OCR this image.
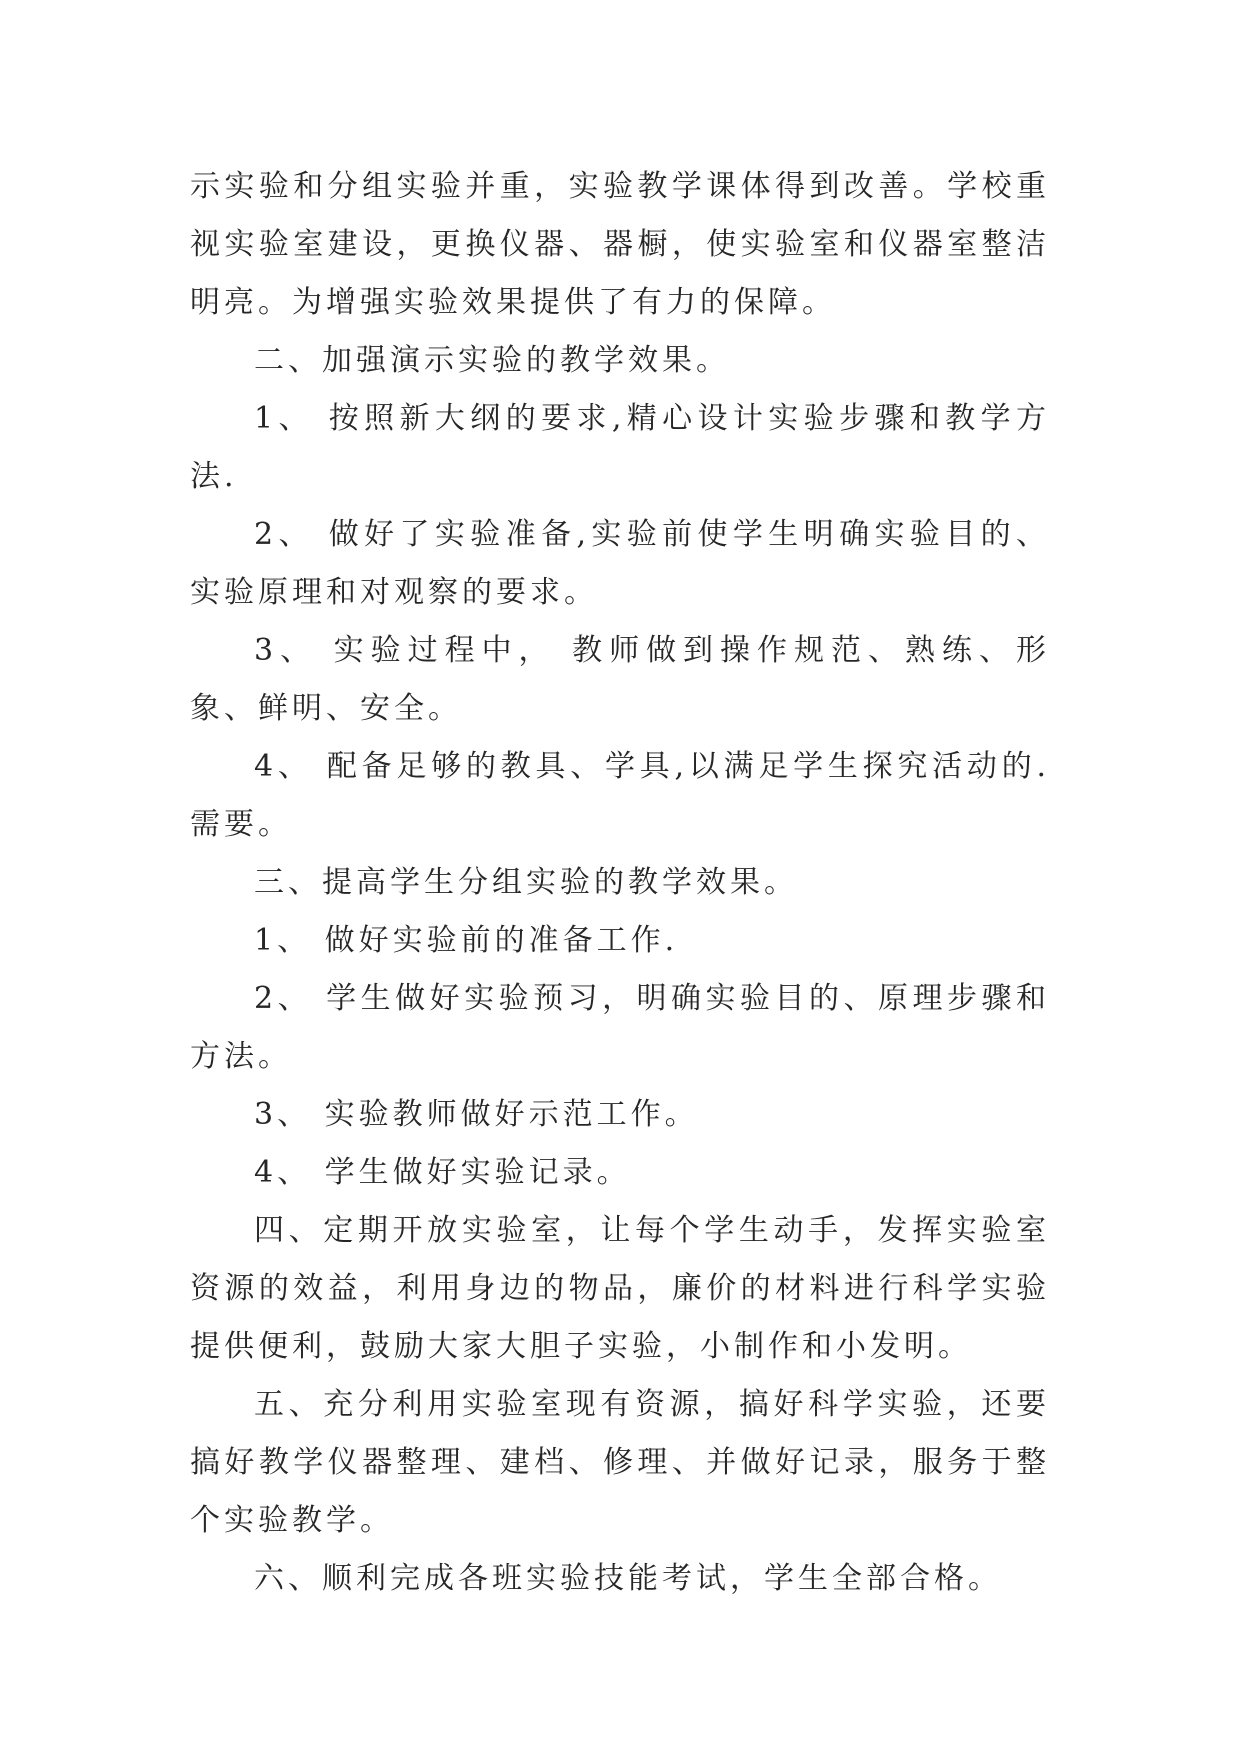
示实验和分组实验并重，实验教学课体得到改善。学校重视实验室建设，更换仪器、器橱，使实验室和仪器室整洁明亮。为增强实验效果提供了有力的保障。

二、加强演示实验的教学效果。

1、 按照新大纲的要求,精心设计实验步骤和教学方法.

2、 做好了实验准备,实验前使学生明确实验目的、实验原理和对观察的要求。

3、 实验过程中， 教师做到操作规范、熟练、形象、鲜明、安全。

4、 配备足够的教具、学具,以满足学生探究活动的.需要。

三、提高学生分组实验的教学效果。

1、 做好实验前的准备工作.

2、 学生做好实验预习，明确实验目的、原理步骤和方法。

3、 实验教师做好示范工作。

4、 学生做好实验记录。

四、定期开放实验室，让每个学生动手，发挥实验室资源的效益，利用身边的物品，廉价的材料进行科学实验提供便利，鼓励大家大胆子实验，小制作和小发明。

五、充分利用实验室现有资源，搞好科学实验，还要搞好教学仪器整理、建档、修理、并做好记录，服务于整个实验教学。

六、顺利完成各班实验技能考试，学生全部合格。
